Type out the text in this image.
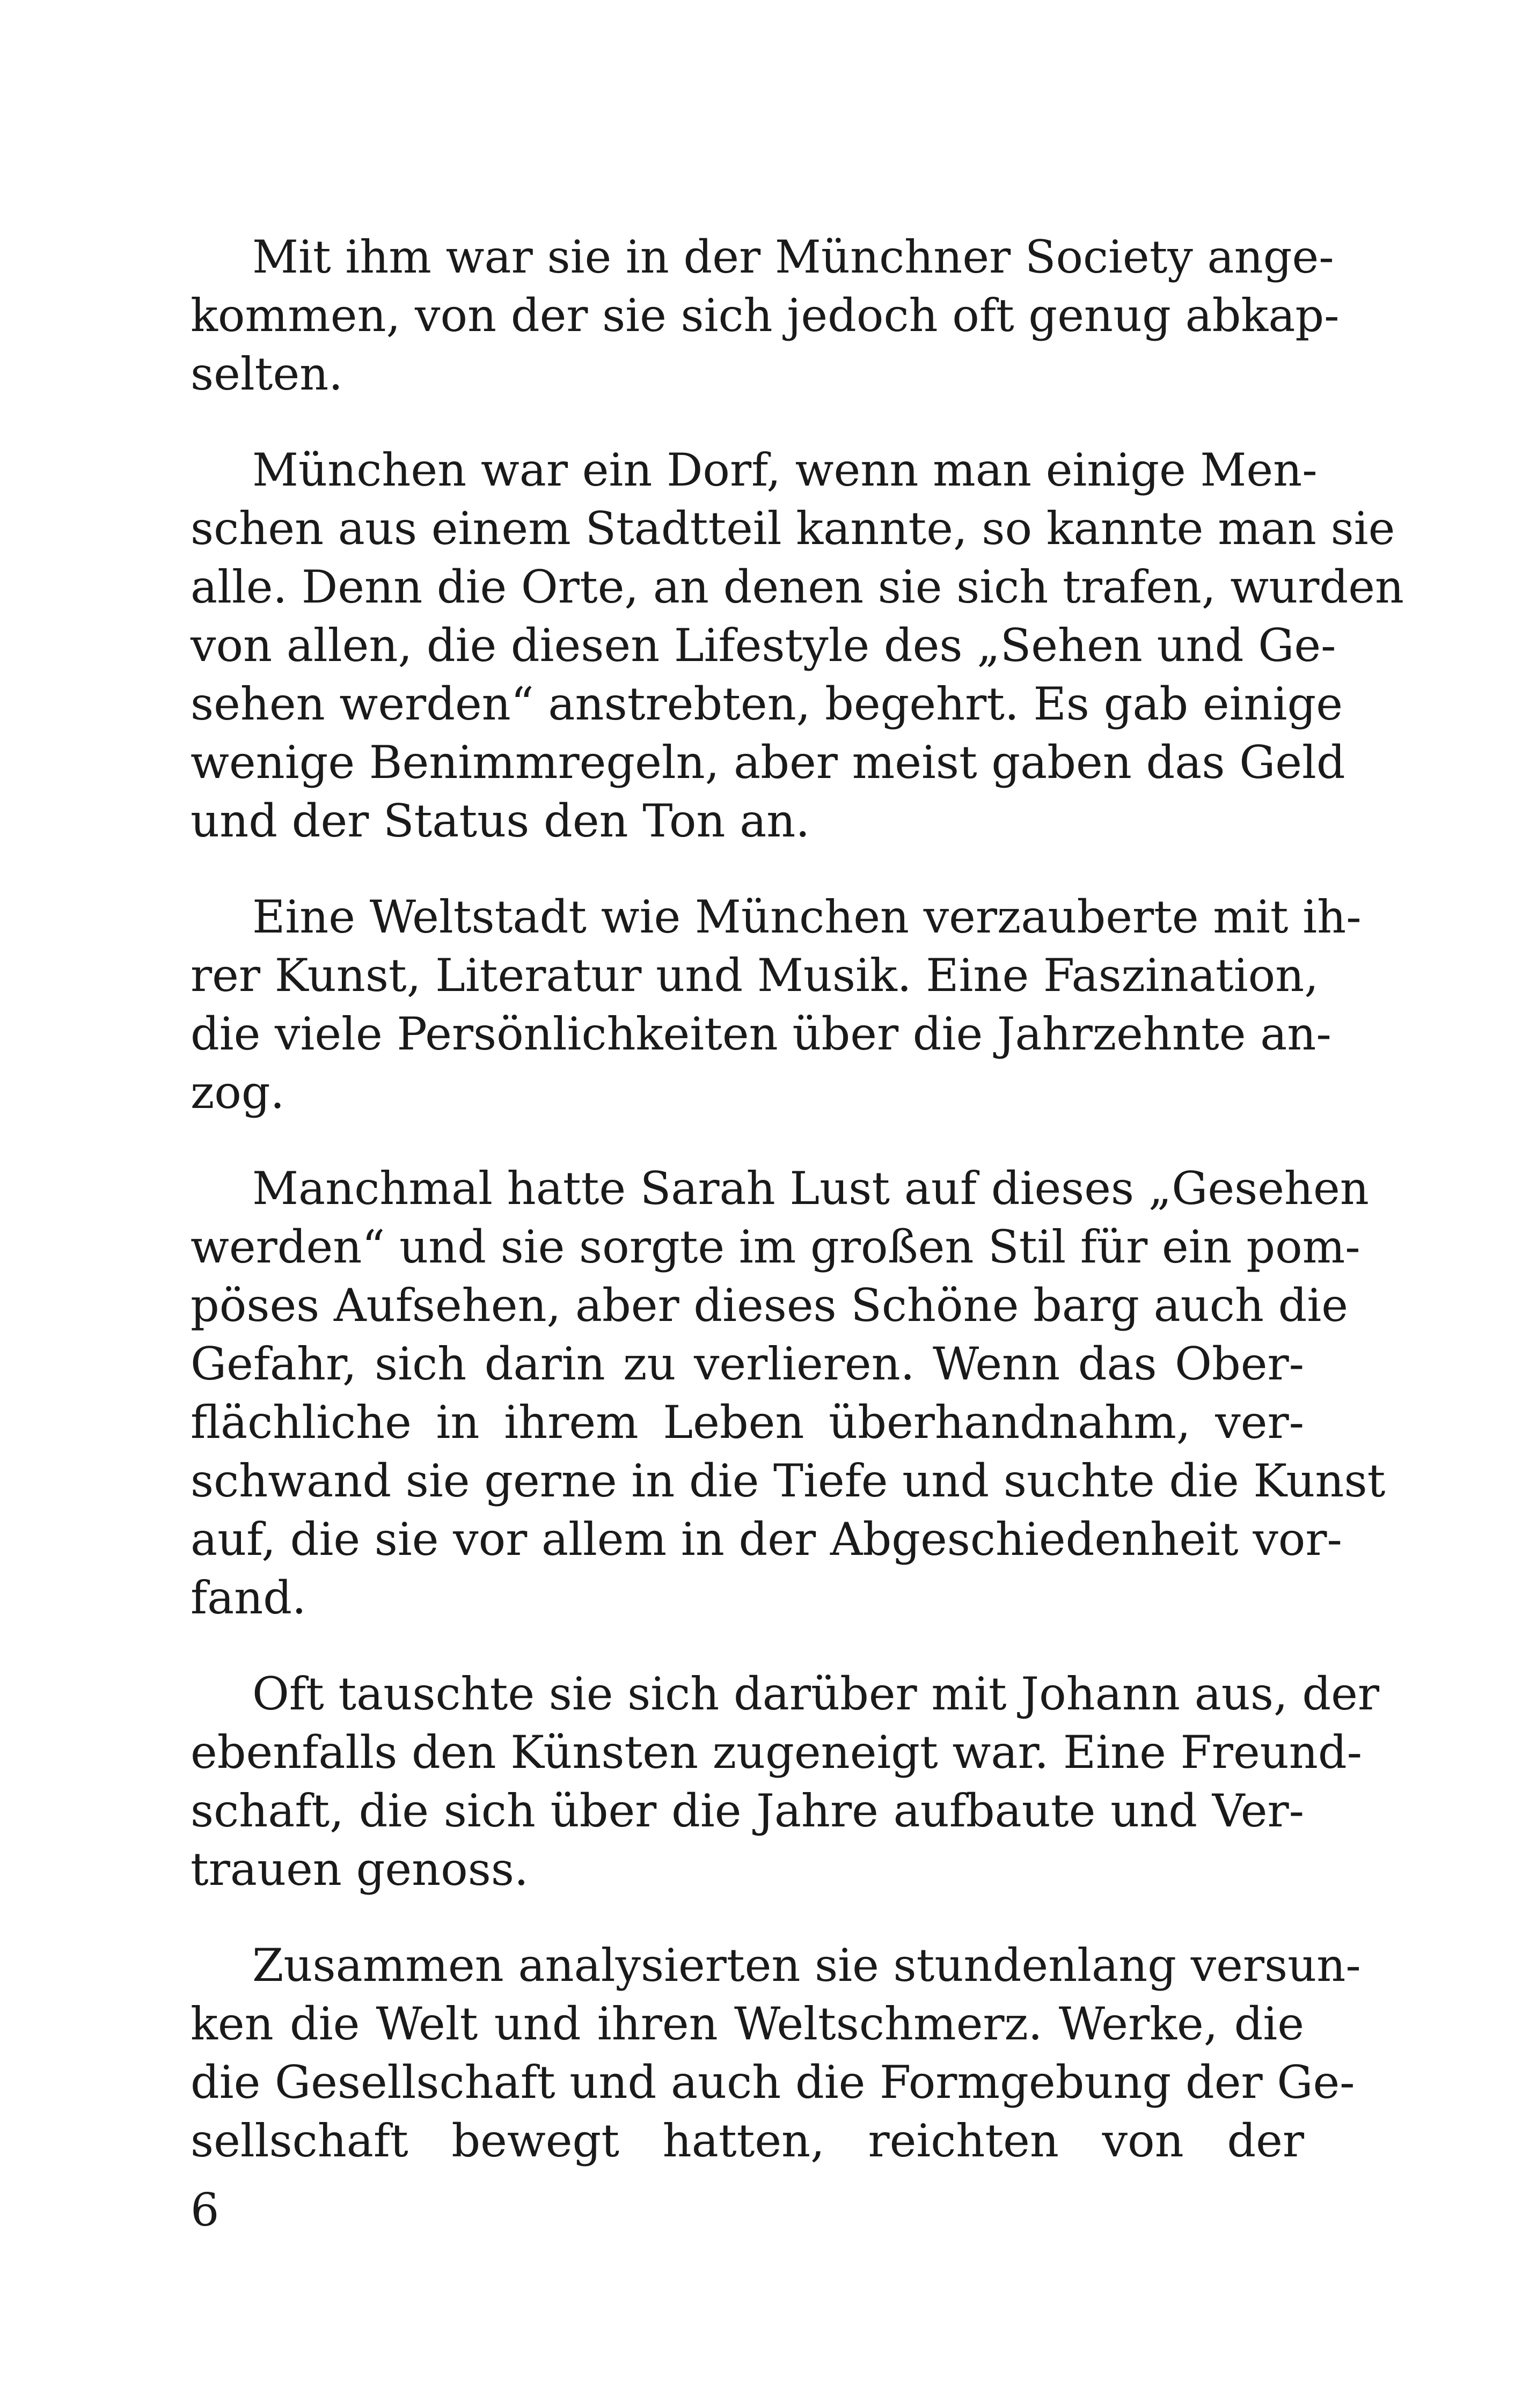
Mit ihm war sie in der Münchner Society ange-
kommen, von der sie sich jedoch oft genug abkap-
selten.
München war ein Dorf, wenn man einige Men-
schen aus einem Stadtteil kannte, so kannte man sie
alle. Denn die Orte, an denen sie sich trafen, wurden
von allen, die diesen Lifestyle des „Sehen und Ge-
sehen werden“ anstrebten, begehrt. Es gab einige
wenige Benimmregeln, aber meist gaben das Geld
und der Status den Ton an.
Eine Weltstadt wie München verzauberte mit ih-
rer Kunst, Literatur und Musik. Eine Faszination,
die viele Persönlichkeiten über die Jahrzehnte an-
zog.
Manchmal hatte Sarah Lust auf dieses „Gesehen
werden“ und sie sorgte im großen Stil für ein pom-
pöses Aufsehen, aber dieses Schöne barg auch die
Gefahr, sich darin zu verlieren. Wenn das Ober-
flächliche in ihrem Leben überhandnahm, ver-
schwand sie gerne in die Tiefe und suchte die Kunst
auf, die sie vor allem in der Abgeschiedenheit vor-
fand.
Oft tauschte sie sich darüber mit Johann aus, der
ebenfalls den Künsten zugeneigt war. Eine Freund-
schaft, die sich über die Jahre aufbaute und Ver-
trauen genoss.
Zusammen analysierten sie stundenlang versun-
ken die Welt und ihren Weltschmerz. Werke, die
die Gesellschaft und auch die Formgebung der Ge-
sellschaft bewegt hatten, reichten von der
6
